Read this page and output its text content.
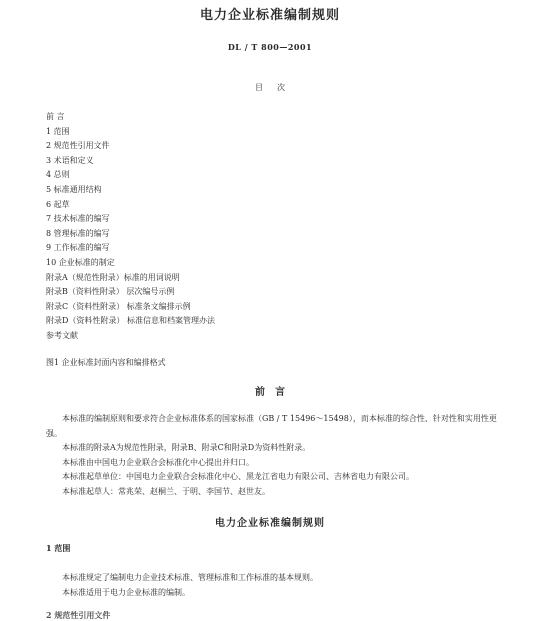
电力企业标准编制规则
DL / T 800—2001
目次
前 言
1 范围
2 规范性引用文件
3 术语和定义
4 总则
5 标准通用结构
6 起草
7 技术标准的编写
8 管理标准的编写
9 工作标准的编写
10 企业标准的制定
附录A（规范性附录）标准的用词说明
附录B（资料性附录） 层次编号示例
附录C（资料性附录） 标准条文编排示例
附录D（资料性附录） 标准信息和档案管理办法
参考文献
图1 企业标准封面内容和编排格式
前言

本标准的编制原则和要求符合企业标准体系的国家标准（GB / T 15496～15498），而本标准的综合性、针对性和实用性更强。

本标准的附录A为规范性附录，附录B、附录C和附录D为资料性附录。

本标准由中国电力企业联合会标准化中心提出并归口。

本标准起草单位：中国电力企业联合会标准化中心、黑龙江省电力有限公司、吉林省电力有限公司。

本标准起草人：常兆荣、赵桐兰、于明、李国节、赵世友。

电力企业标准编制规则
1 范围

本标准规定了编制电力企业技术标准、管理标准和工作标准的基本规则。

本标准适用于电力企业标准的编制。

2 规范性引用文件
